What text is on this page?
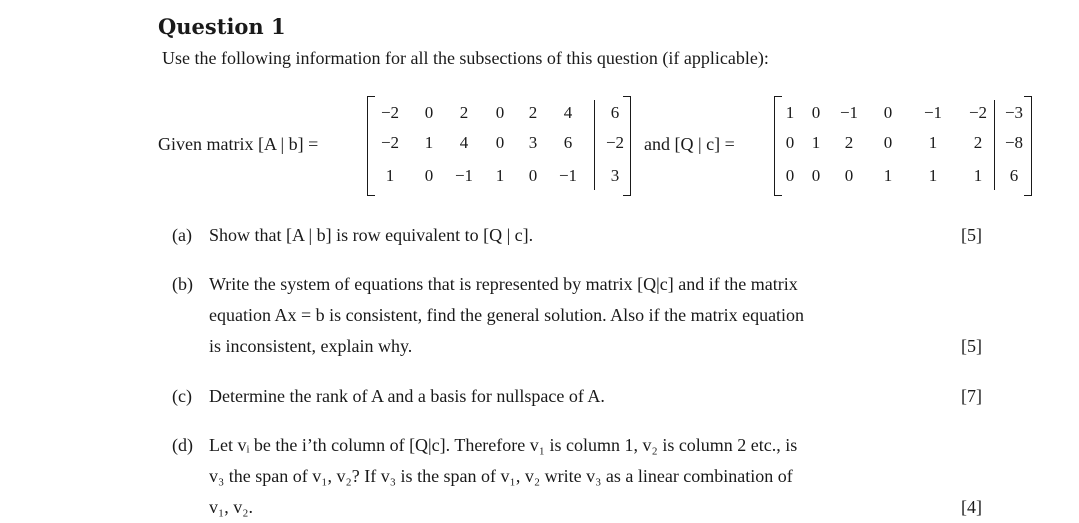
Question 1
Use the following information for all the subsections of this question (if applicable):
Given matrix [A | b] =
−2	0	2	0	2	4	6
−2	1	4	0	3	6	−2
1	0	−1	1	0	−1	3
and [Q | c] =
1	0	−1	0	−1	−2	−3
0	1	2	0	1	2	−8
0	0	0	1	1	1	6
(a) Show that [A | b] is row equivalent to [Q | c].	[5]
(b) Write the system of equations that is represented by matrix [Q|c] and if the matrix
equation Ax = b is consistent, find the general solution. Also if the matrix equation
is inconsistent, explain why.	[5]
(c) Determine the rank of A and a basis for nullspace of A.	[7]
(d) Let vᵢ be the i’th column of [Q|c]. Therefore v₁ is column 1, v₂ is column 2 etc., is
v₃ the span of v₁, v₂? If v₃ is the span of v₁, v₂ write v₃ as a linear combination of
v₁, v₂.	[4]
